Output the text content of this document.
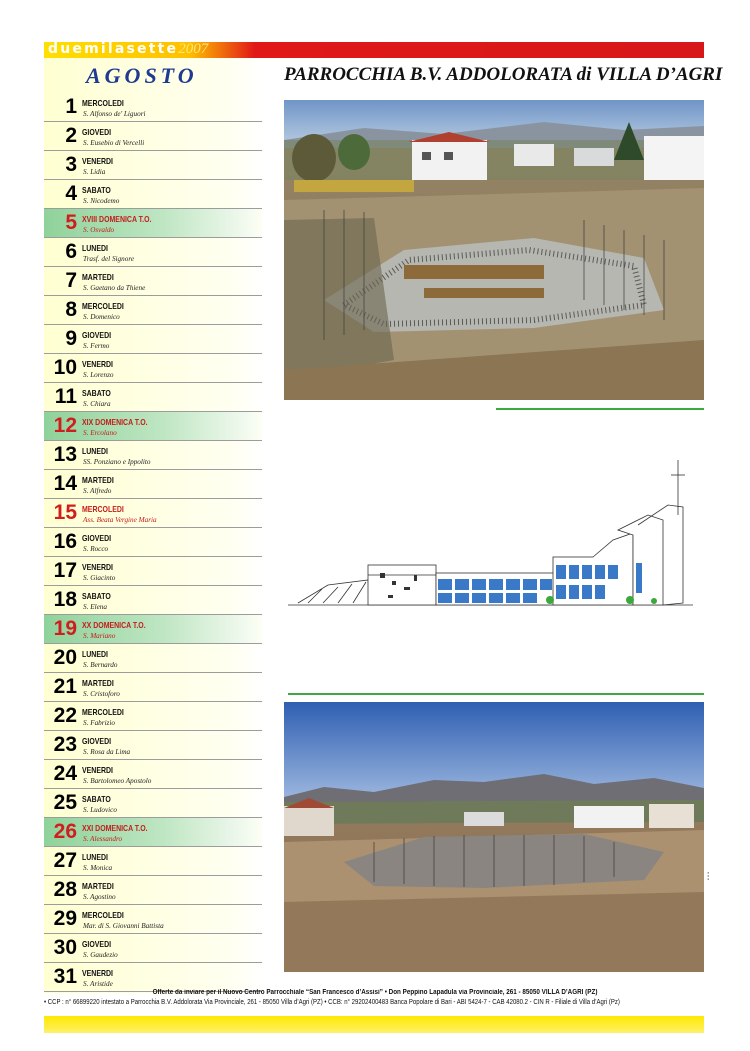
duemilasette2007
AGOSTO	PARROCCHIA B.V. ADDOLORATA di VILLA D’AGRI
1 MERCOLEDI
S. Alfonso de' Liguori
2 GIOVEDI
S. Eusebio di Vercelli
3 VENERDI
S. Lidia
4 SABATO
S. Nicodemo
5 XVIII DOMENICA T.O.
S. Osvaldo
6 LUNEDI
Trasf. del Signore
7 MARTEDI
S. Gaetano da Thiene
8 MERCOLEDI
S. Domenico
9 GIOVEDI
S. Fermo
10 VENERDI
S. Lorenzo
11 SABATO
S. Chiara
12 XIX DOMENICA T.O.
S. Ercolano
13 LUNEDI
SS. Ponziano e Ippolito
14 MARTEDI
S. Alfredo
15 MERCOLEDI
Ass. Beata Vergine Maria
16 GIOVEDI
S. Rocco
17 VENERDI
S. Giacinto
18 SABATO
S. Elena
19 XX DOMENICA T.O.
S. Mariano
20 LUNEDI
S. Bernardo
21 MARTEDI
S. Cristoforo
22 MERCOLEDI
S. Fabrizio
23 GIOVEDI
S. Rosa da Lima
24 VENERDI
S. Bartolomeo Apostolo
25 SABATO
S. Ludovico
26 XXI DOMENICA T.O.
S. Alessandro
27 LUNEDI
S. Monica
28 MARTEDI
S. Agostino
29 MERCOLEDI
Mar. di S. Giovanni Battista
30 GIOVEDI
S. Gaudezio
31 VENERDI
S. Aristide
• • •
Offerte da inviare per il Nuovo Centro Parrocchiale “San Francesco d’Assisi” • Don Peppino Lapadula via Provinciale, 261 - 85050 VILLA D’AGRI (PZ)
• CCP : n° 66899220 intestato a Parrocchia B.V. Addolorata Via Provinciale, 261 - 85050 Villa d’Agri (PZ) • CCB: n° 29202400483 Banca Popolare di Bari - ABI 5424-7 - CAB 42080.2 - CIN R - Filiale di Villa d’Agri (Pz)
